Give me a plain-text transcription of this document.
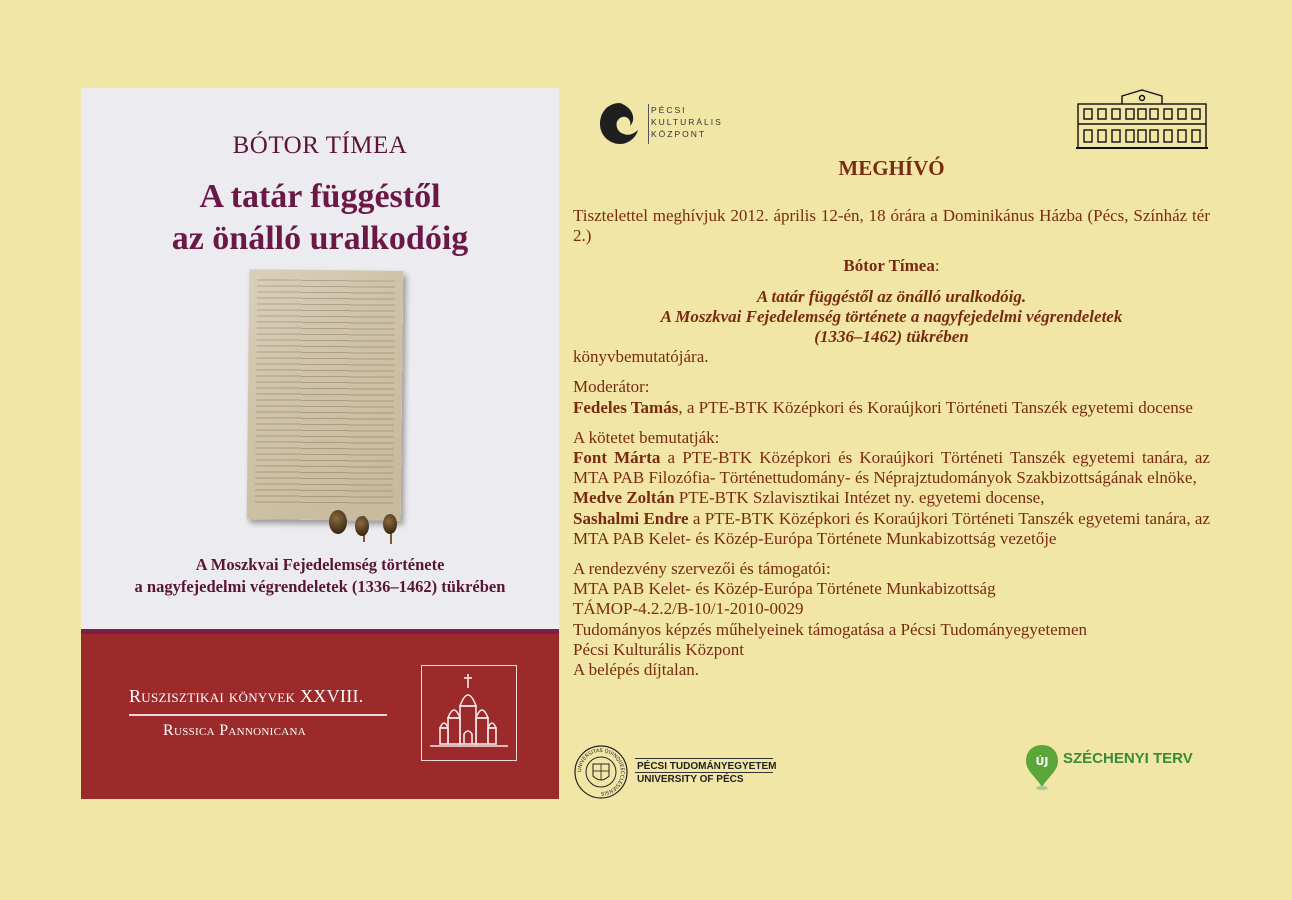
BÓTOR TÍMEA
A tatár függéstől
az önálló uralkodóig
A Moszkvai Fejedelemség története
a nagyfejedelmi végrendeletek (1336–1462) tükrében
Ruszisztikai könyvek XXVIII.
Russica Pannonicana
PÉCSI
KULTURÁLIS
KÖZPONT
MEGHÍVÓ

Tisztelettel meghívjuk 2012. április 12-én, 18 órára a Dominikánus Házba (Pécs, Színház tér 2.)

Bótor Tímea:

A tatár függéstől az önálló uralkodóig.

A Moszkvai Fejedelemség története a nagyfejedelmi végrendeletek

(1336–1462) tükrében

könyvbemutatójára.

Moderátor:

Fedeles Tamás, a PTE-BTK Középkori és Koraújkori Történeti Tanszék egyetemi docense

A kötetet bemutatják:

Font Márta a PTE-BTK Középkori és Koraújkori Történeti Tanszék egyetemi tanára, az MTA PAB Filozófia- Történettudomány- és Néprajztudományok Szakbizottságának elnöke,

Medve Zoltán PTE-BTK Szlavisztikai Intézet ny. egyetemi docense,

Sashalmi Endre a PTE-BTK Középkori és Koraújkori Történeti Tanszék egyetemi tanára, az MTA PAB Kelet- és Közép-Európa Története Munkabizottság vezetője

A rendezvény szervezői és támogatói:

MTA PAB Kelet- és Közép-Európa Története Munkabizottság

TÁMOP-4.2.2/B-10/1-2010-0029

Tudományos képzés műhelyeinek támogatása a Pécsi Tudományegyetemen

Pécsi Kulturális Központ

A belépés díjtalan.

UNIVERSITAS QUINQUEECCLESIENSIS
PÉCSI TUDOMÁNYEGYETEM
UNIVERSITY OF PÉCS
ÚJ SZÉCHENYI TERV
